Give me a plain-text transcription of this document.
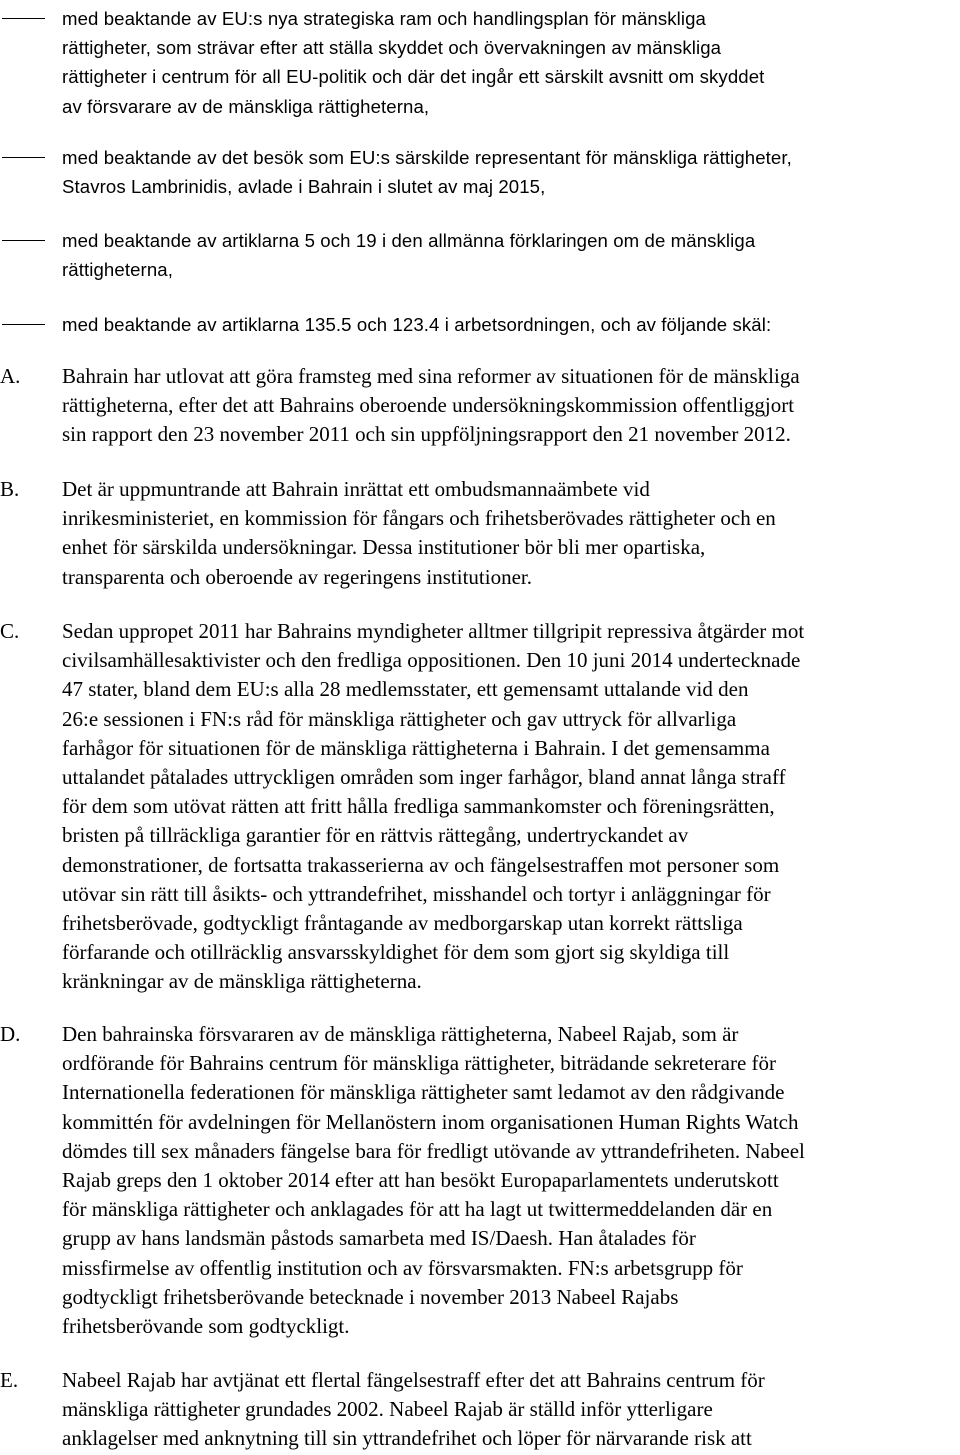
med beaktande av EU:s nya strategiska ram och handlingsplan för mänskliga
rättigheter, som strävar efter att ställa skyddet och övervakningen av mänskliga
rättigheter i centrum för all EU-politik och där det ingår ett särskilt avsnitt om skyddet
av försvarare av de mänskliga rättigheterna,
med beaktande av det besök som EU:s särskilde representant för mänskliga rättigheter,
Stavros Lambrinidis, avlade i Bahrain i slutet av maj 2015,
med beaktande av artiklarna 5 och 19 i den allmänna förklaringen om de mänskliga
rättigheterna,
med beaktande av artiklarna 135.5 och 123.4 i arbetsordningen, och av följande skäl:
A. Bahrain har utlovat att göra framsteg med sina reformer av situationen för de mänskliga
rättigheterna, efter det att Bahrains oberoende undersökningskommission offentliggjort
sin rapport den 23 november 2011 och sin uppföljningsrapport den 21 november 2012.
B. Det är uppmuntrande att Bahrain inrättat ett ombudsmannaämbete vid
inrikesministeriet, en kommission för fångars och frihetsberövades rättigheter och en
enhet för särskilda undersökningar. Dessa institutioner bör bli mer opartiska,
transparenta och oberoende av regeringens institutioner.
C. Sedan uppropet 2011 har Bahrains myndigheter alltmer tillgripit repressiva åtgärder mot
civilsamhällesaktivister och den fredliga oppositionen. Den 10 juni 2014 undertecknade
47 stater, bland dem EU:s alla 28 medlemsstater, ett gemensamt uttalande vid den
26:e sessionen i FN:s råd för mänskliga rättigheter och gav uttryck för allvarliga
farhågor för situationen för de mänskliga rättigheterna i Bahrain. I det gemensamma
uttalandet påtalades uttryckligen områden som inger farhågor, bland annat långa straff
för dem som utövat rätten att fritt hålla fredliga sammankomster och föreningsrätten,
bristen på tillräckliga garantier för en rättvis rättegång, undertryckandet av
demonstrationer, de fortsatta trakasserierna av och fängelsestraffen mot personer som
utövar sin rätt till åsikts- och yttrandefrihet, misshandel och tortyr i anläggningar för
frihetsberövade, godtyckligt fråntagande av medborgarskap utan korrekt rättsliga
förfarande och otillräcklig ansvarsskyldighet för dem som gjort sig skyldiga till
kränkningar av de mänskliga rättigheterna.
D. Den bahrainska försvararen av de mänskliga rättigheterna, Nabeel Rajab, som är
ordförande för Bahrains centrum för mänskliga rättigheter, biträdande sekreterare för
Internationella federationen för mänskliga rättigheter samt ledamot av den rådgivande
kommittén för avdelningen för Mellanöstern inom organisationen Human Rights Watch
dömdes till sex månaders fängelse bara för fredligt utövande av yttrandefriheten. Nabeel
Rajab greps den 1 oktober 2014 efter att han besökt Europaparlamentets underutskott
för mänskliga rättigheter och anklagades för att ha lagt ut twittermeddelanden där en
grupp av hans landsmän påstods samarbeta med IS/Daesh. Han åtalades för
missfirmelse av offentlig institution och av försvarsmakten. FN:s arbetsgrupp för
godtyckligt frihetsberövande betecknade i november 2013 Nabeel Rajabs
frihetsberövande som godtyckligt.
E. Nabeel Rajab har avtjänat ett flertal fängelsestraff efter det att Bahrains centrum för
mänskliga rättigheter grundades 2002. Nabeel Rajab är ställd inför ytterligare
anklagelser med anknytning till sin yttrandefrihet och löper för närvarande risk att
